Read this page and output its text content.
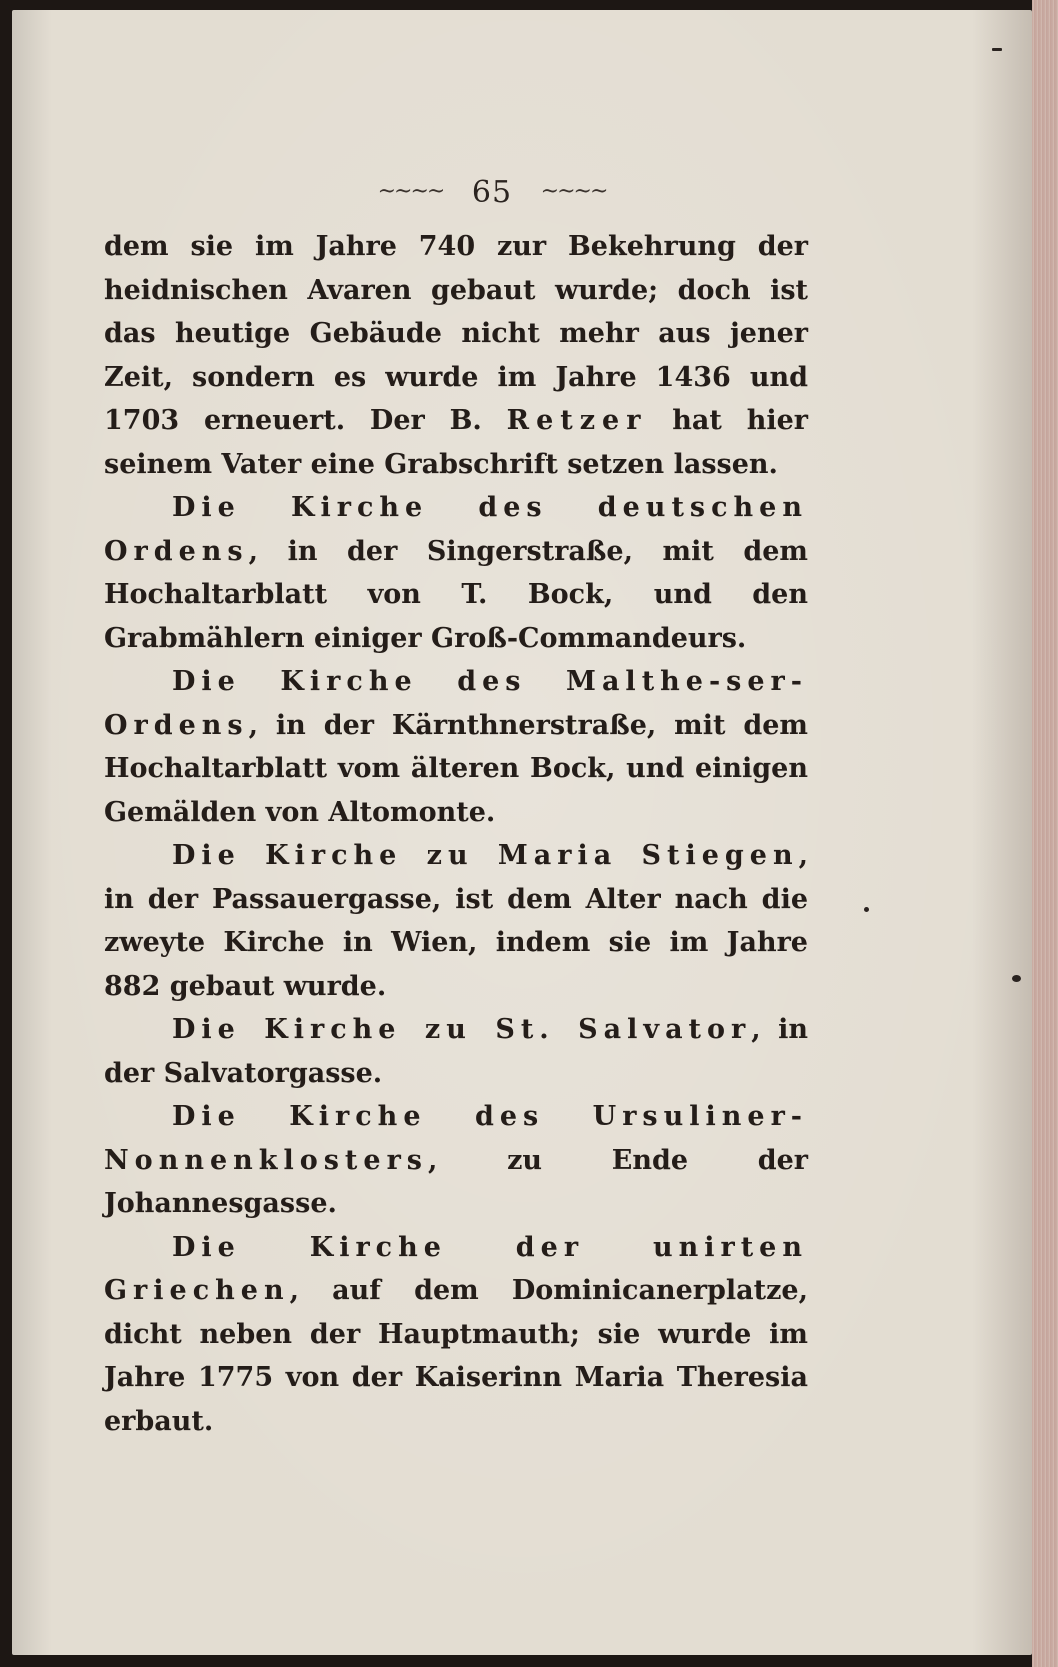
~~~~ 65 ~~~~

dem sie im Jahre 740 zur Bekehrung der heidnischen Avaren gebaut wurde; doch ist das heutige Gebäude nicht mehr aus jener Zeit, sondern es wurde im Jahre 1436 und 1703 erneuert. Der B. Retzer hat hier seinem Vater eine Grabschrift setzen lassen.

Die Kirche des deutschen Ordens, in der Singerstraße, mit dem Hochaltarblatt von T. Bock, und den Grabmählern einiger Groß-Commandeurs.

Die Kirche des Malthe-ser-Ordens, in der Kärnthnerstraße, mit dem Hochaltarblatt vom älteren Bock, und einigen Gemälden von Altomonte.

Die Kirche zu Maria Stiegen, in der Passauergasse, ist dem Alter nach die zweyte Kirche in Wien, indem sie im Jahre 882 gebaut wurde.

Die Kirche zu St. Salvator, in der Salvatorgasse.

Die Kirche des Ursuliner-Nonnenklosters, zu Ende der Johannesgasse.

Die Kirche der unirten Griechen, auf dem Dominicanerplatze, dicht neben der Hauptmauth; sie wurde im Jahre 1775 von der Kaiserinn Maria Theresia erbaut.
